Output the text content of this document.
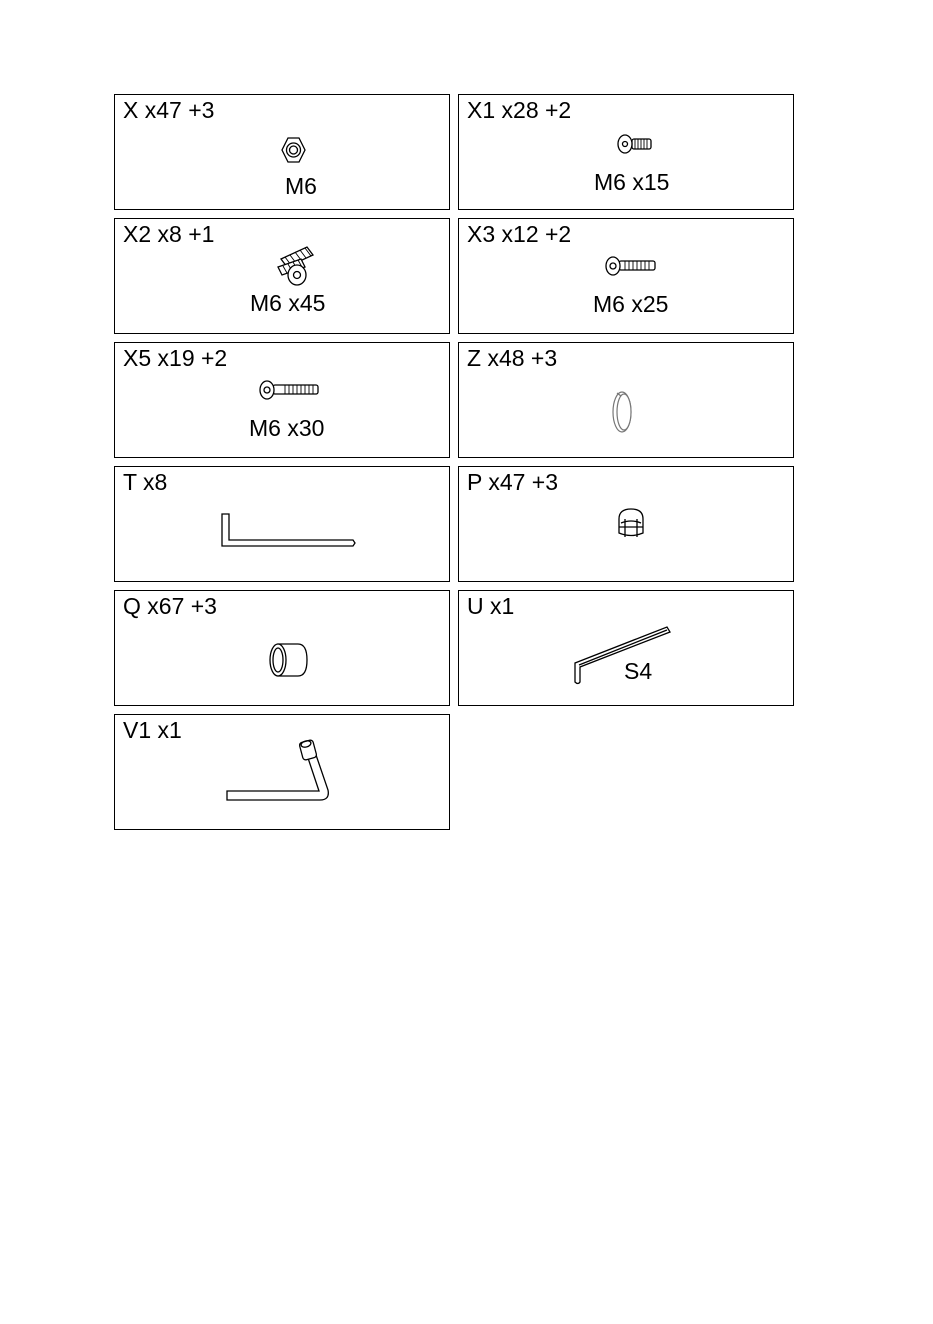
X x47 +3
M6
X1 x28 +2
M6 x15
X2 x8 +1
M6 x45
X3 x12 +2
M6 x25
X5 x19 +2
M6 x30
Z x48 +3
T x8	P x47 +3
Q x67 +3	U x1
S4
V1 x1
